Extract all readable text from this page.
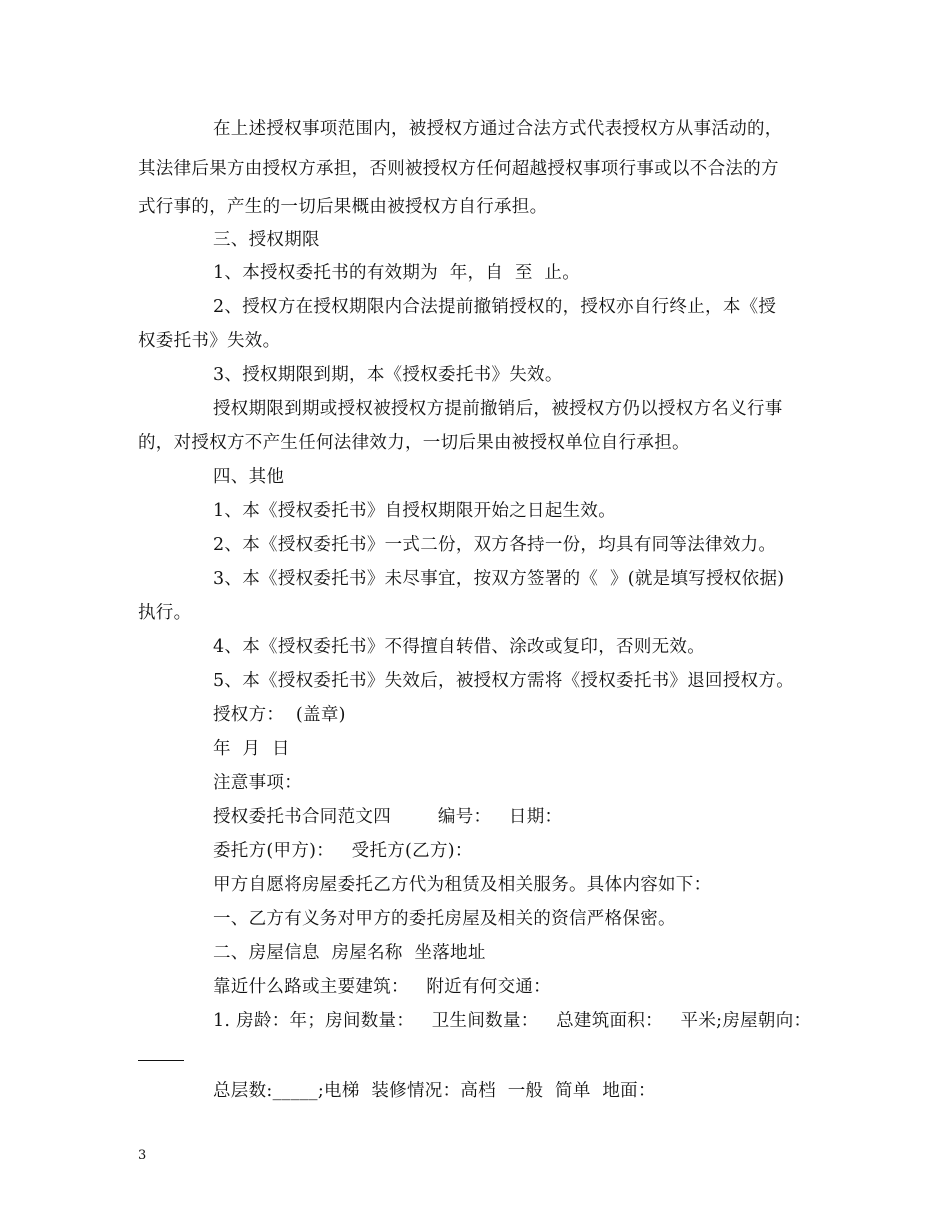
在上述授权事项范围内，被授权方通过合法方式代表授权方从事活动的，
其法律后果方由授权方承担，否则被授权方任何超越授权事项行事或以不合法的方
式行事的，产生的一切后果概由被授权方自行承担。
三、授权期限
1、本授权委托书的有效期为  年，自  至  止。
2、授权方在授权期限内合法提前撤销授权的，授权亦自行终止，本《授
权委托书》失效。
3、授权期限到期，本《授权委托书》失效。
授权期限到期或授权被授权方提前撤销后，被授权方仍以授权方名义行事
的，对授权方不产生任何法律效力，一切后果由被授权单位自行承担。
四、其他
1、本《授权委托书》自授权期限开始之日起生效。
2、本《授权委托书》一式二份，双方各持一份，均具有同等法律效力。
3、本《授权委托书》未尽事宜，按双方签署的《  》(就是填写授权依据)
执行。
4、本《授权委托书》不得擅自转借、涂改或复印，否则无效。
5、本《授权委托书》失效后，被授权方需将《授权委托书》退回授权方。
授权方：  (盖章)
年  月  日
注意事项：
授权委托书合同范文四        编号：   日期：
委托方(甲方)：   受托方(乙方)：
甲方自愿将房屋委托乙方代为租赁及相关服务。具体内容如下：
一、乙方有义务对甲方的委托房屋及相关的资信严格保密。
二、房屋信息  房屋名称  坐落地址
靠近什么路或主要建筑：   附近有何交通：
1. 房龄：年；房间数量：   卫生间数量：   总建筑面积：   平米;房屋朝向：
总层数:_____;电梯  装修情况：高档  一般  简单  地面：
3
